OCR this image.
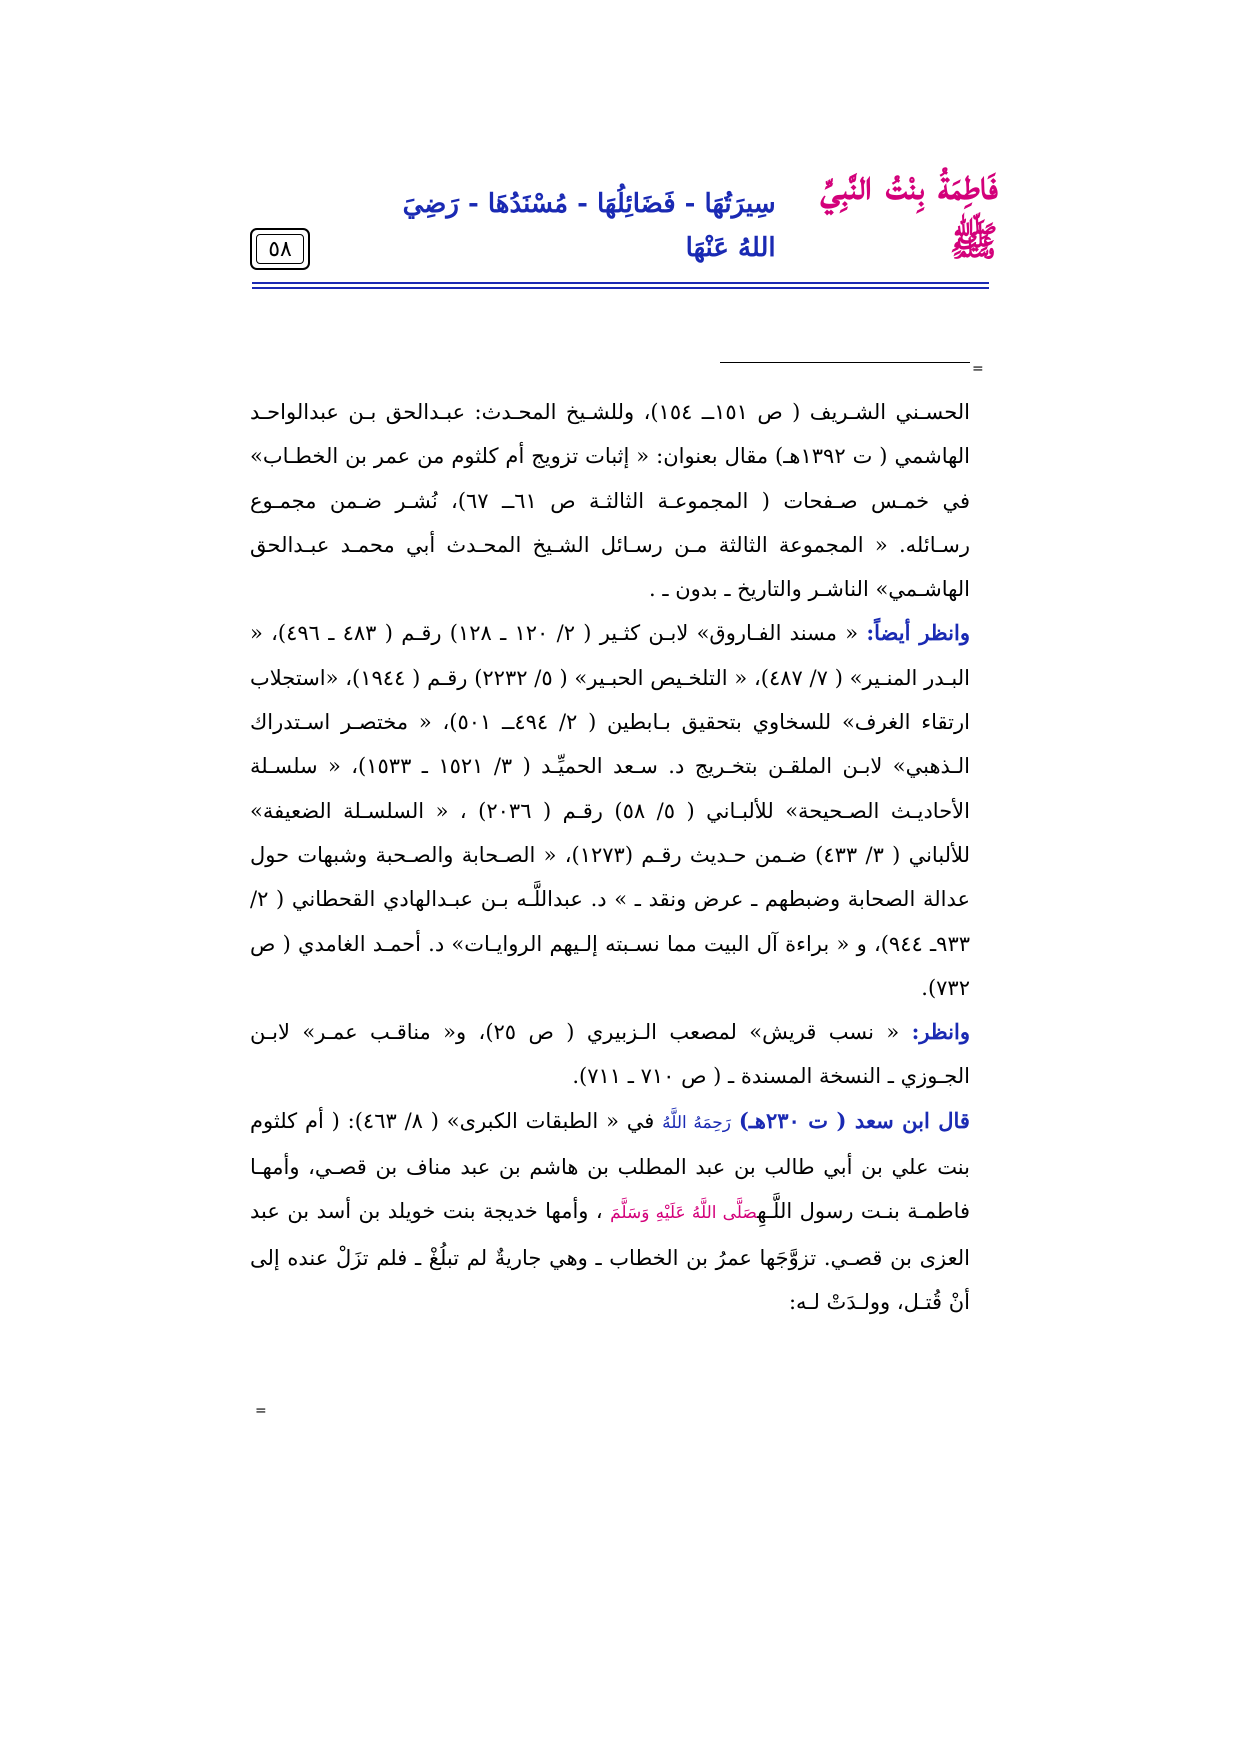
٥٨
فَاطِمَةُ بِنْتُ النَّبِيِّ ﷺ
سِيرَتُهَا - فَضَائِلُهَا - مُسْنَدُهَا - رَضِيَ اللهُ عَنْهَا
=

الحسـني الشـريف ( ص ١٥١ــ ١٥٤)، وللشـيخ المحـدث: عبـدالحق بـن عبدالواحـد الهاشمي ( ت ١٣٩٢هـ) مقال بعنوان: « إثبات تزويج أم كلثوم من عمر بن الخطـاب» في خمـس صـفحات ( المجموعـة الثالثـة ص ٦١ــ ٦٧)، نُشـر ضـمن مجمـوع رسـائله. « المجموعة الثالثة مـن رسـائل الشـيخ المحـدث أبي محمـد عبـدالحق الهاشـمي» الناشـر والتاريخ ـ بدون ـ .

وانظر أيضاً: « مسند الفـاروق» لابـن كثـير ( ٢/ ١٢٠ ـ ١٢٨) رقـم ( ٤٨٣ ـ ٤٩٦)، « البـدر المنـير» ( ٧/ ٤٨٧)، « التلخـيص الحبـير» ( ٥/ ٢٢٣٢) رقـم ( ١٩٤٤)، «استجلاب ارتقاء الغرف» للسخاوي بتحقيق بـابطين ( ٢/ ٤٩٤ــ ٥٠١)، « مختصـر اسـتدراك الـذهبي» لابـن الملقـن بتخـريج د. سـعد الحميِّـد ( ٣/ ١٥٢١ ـ ١٥٣٣)، « سلسـلة الأحاديـث الصـحيحة» للألبـاني ( ٥/ ٥٨) رقـم ( ٢٠٣٦) ، « السلسـلة الضعيفة» للألباني ( ٣/ ٤٣٣) ضـمن حـديث رقـم (١٢٧٣)، « الصـحابة والصـحبة وشبهات حول عدالة الصحابة وضبطهم ـ عرض ونقد ـ » د. عبداللَّـه بـن عبـدالهادي القحطاني ( ٢/ ٩٣٣ـ ٩٤٤)، و « براءة آل البيت مما نسـبته إلـيهم الروايـات» د. أحمـد الغامدي ( ص ٧٣٢).

وانظر: « نسب قريش» لمصعب الـزبيري ( ص ٢٥)، و« مناقـب عمـر» لابـن الجـوزي ـ النسخة المسندة ـ ( ص ٧١٠ ـ ٧١١).

قال ابن سعد ( ت ٢٣٠هـ) رَحِمَهُ اللَّهُ في « الطبقات الكبرى» ( ٨/ ٤٦٣): ( أم كلثوم بنت علي بن أبي طالب بن عبد المطلب بن هاشم بن عبد مناف بن قصـي، وأمهـا فاطمـة بنـت رسول اللَّـهِصَلَّى اللَّهُ عَلَيْهِ وَسَلَّمَ ، وأمها خديجة بنت خويلد بن أسد بن عبد العزى بن قصـي. تزوَّجَها عمرُ بن الخطاب ـ وهي جاريةٌ لم تبلُغْ ـ فلم تزَلْ عنده إلى أنْ قُتـل، وولـدَتْ لـه:

=
